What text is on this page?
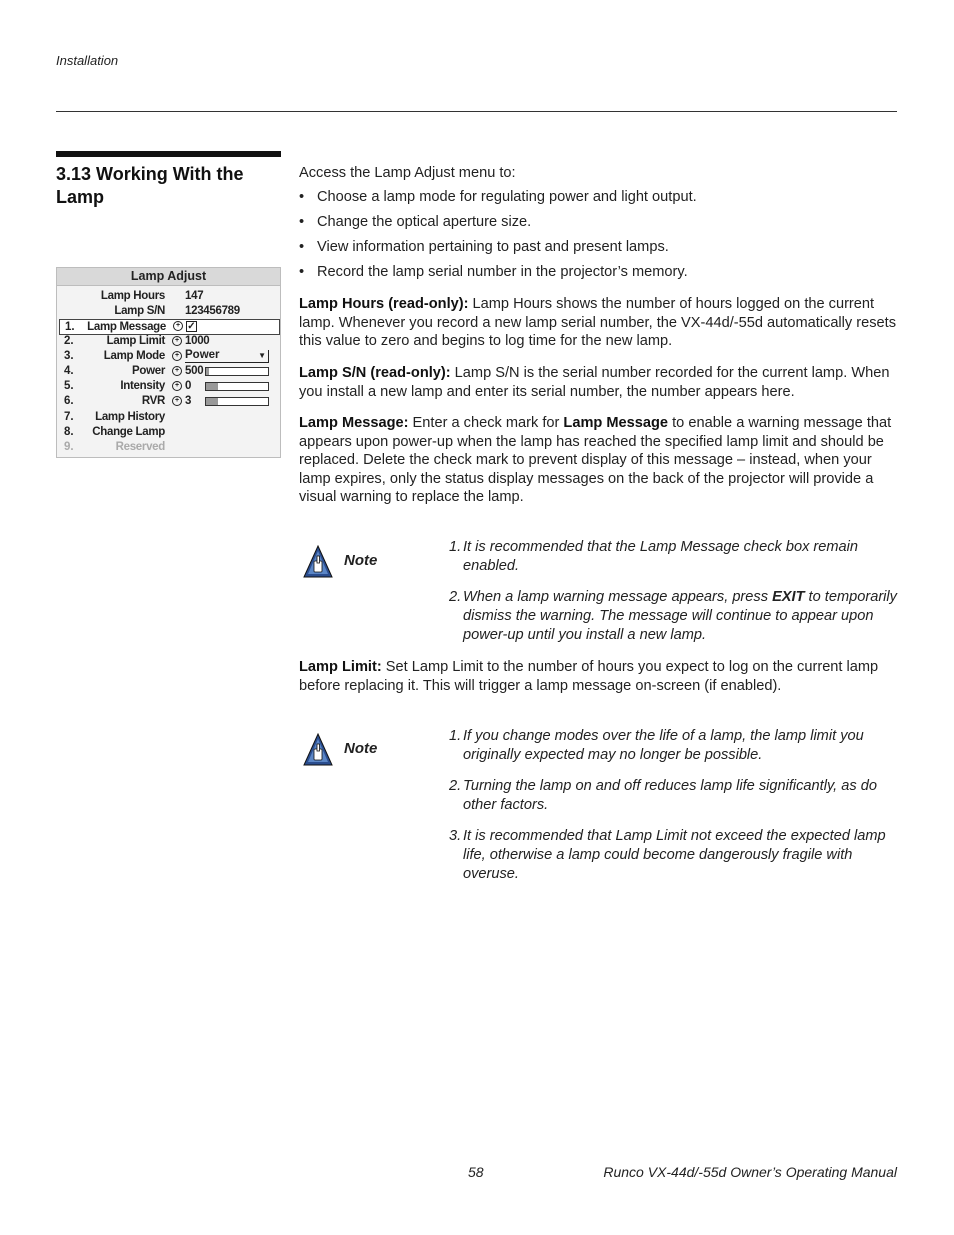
Installation
3.13 Working With the Lamp
Lamp Adjust
Lamp Hours 147
Lamp S/N 123456789
1. Lamp Message	+ ✓
2.	Lamp Limit	+ 1000
3.	Lamp Mode	+ Power	▼
4.	Power	+ 500
5.	Intensity	+ 0
6.	RVR	+ 3
7. Lamp History
8. Change Lamp
9.	Reserved
Access the Lamp Adjust menu to:
• Choose a lamp mode for regulating power and light output.
• Change the optical aperture size.
• View information pertaining to past and present lamps.
• Record the lamp serial number in the projector’s memory.
Lamp Hours (read-only): Lamp Hours shows the number of hours logged on the current lamp. Whenever you record a new lamp serial number, the VX-44d/-55d automatically resets this value to zero and begins to log time for the new lamp.
Lamp S/N (read-only): Lamp S/N is the serial number recorded for the current lamp. When you install a new lamp and enter its serial number, the number appears here.
Lamp Message: Enter a check mark for Lamp Message to enable a warning message that appears upon power-up when the lamp has reached the specified lamp limit and should be replaced. Delete the check mark to prevent display of this message – instead, when your lamp expires, only the status display messages on the back of the projector will provide a visual warning to replace the lamp.
Note
1. It is recommended that the Lamp Message check box remain enabled.
2. When a lamp warning message appears, press EXIT to temporarily dismiss the warning. The message will continue to appear upon power-up until you install a new lamp.
Lamp Limit: Set Lamp Limit to the number of hours you expect to log on the current lamp before replacing it. This will trigger a lamp message on-screen (if enabled).
Note
1. If you change modes over the life of a lamp, the lamp limit you originally expected may no longer be possible.
2. Turning the lamp on and off reduces lamp life significantly, as do other factors.
3. It is recommended that Lamp Limit not exceed the expected lamp life, otherwise a lamp could become dangerously fragile with overuse.
58	Runco VX-44d/-55d Owner’s Operating Manual
